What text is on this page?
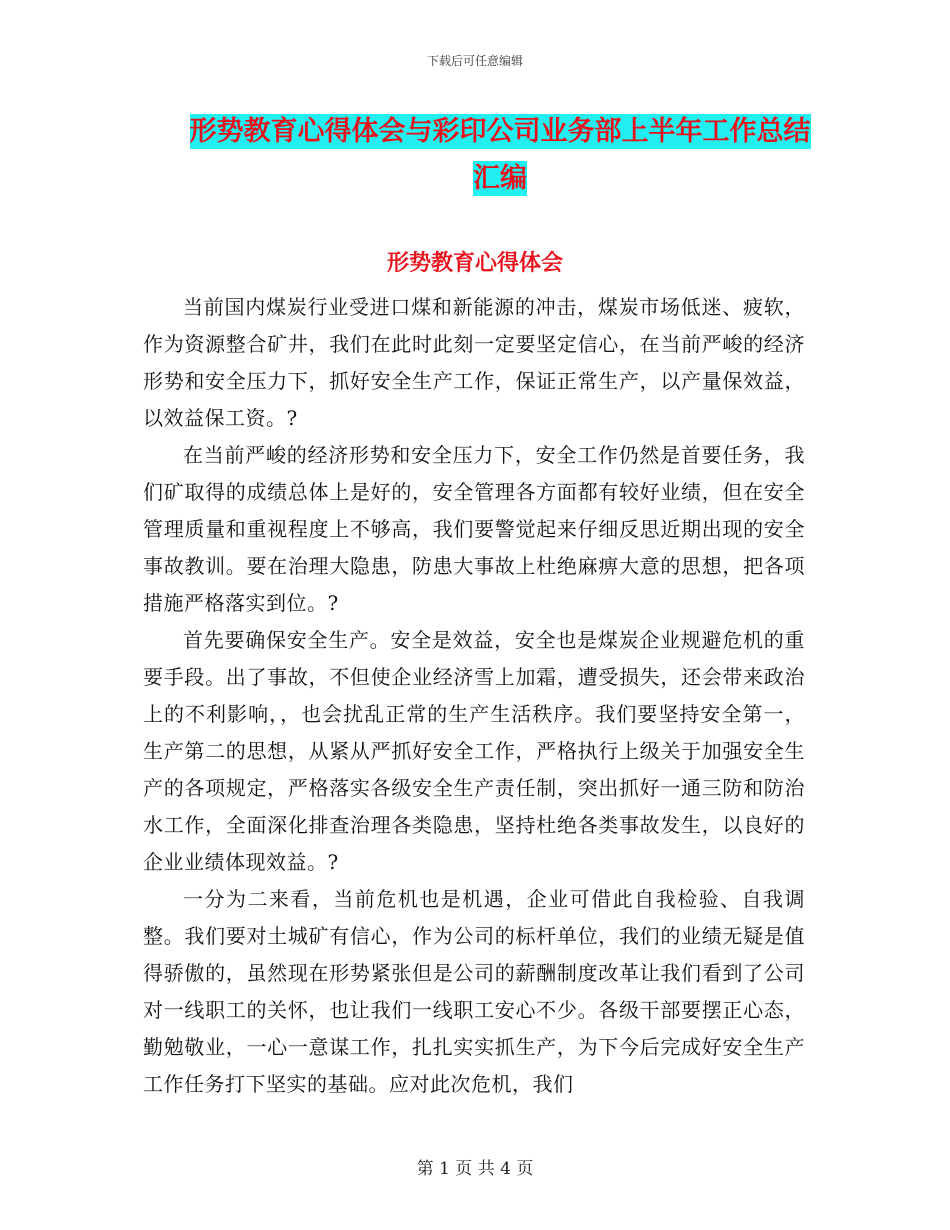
下载后可任意编辑
形势教育心得体会与彩印公司业务部上半年工作总结
汇编
形势教育心得体会

当前国内煤炭行业受进口煤和新能源的冲击，煤炭市场低迷、疲软，作为资源整合矿井，我们在此时此刻一定要坚定信心，在当前严峻的经济形势和安全压力下，抓好安全生产工作，保证正常生产，以产量保效益，以效益保工资。?

在当前严峻的经济形势和安全压力下，安全工作仍然是首要任务，我们矿取得的成绩总体上是好的，安全管理各方面都有较好业绩，但在安全管理质量和重视程度上不够高，我们要警觉起来仔细反思近期出现的安全事故教训。要在治理大隐患，防患大事故上杜绝麻痹大意的思想，把各项措施严格落实到位。?

首先要确保安全生产。安全是效益，安全也是煤炭企业规避危机的重要手段。出了事故，不但使企业经济雪上加霜，遭受损失，还会带来政治上的不利影响，，也会扰乱正常的生产生活秩序。我们要坚持安全第一，生产第二的思想，从紧从严抓好安全工作，严格执行上级关于加强安全生产的各项规定，严格落实各级安全生产责任制，突出抓好一通三防和防治水工作，全面深化排查治理各类隐患，坚持杜绝各类事故发生，以良好的企业业绩体现效益。?

一分为二来看，当前危机也是机遇，企业可借此自我检验、自我调整。我们要对土城矿有信心，作为公司的标杆单位，我们的业绩无疑是值得骄傲的，虽然现在形势紧张但是公司的薪酬制度改革让我们看到了公司对一线职工的关怀，也让我们一线职工安心不少。各级干部要摆正心态，勤勉敬业，一心一意谋工作，扎扎实实抓生产，为下今后完成好安全生产工作任务打下坚实的基础。应对此次危机，我们

第 1 页 共 4 页
